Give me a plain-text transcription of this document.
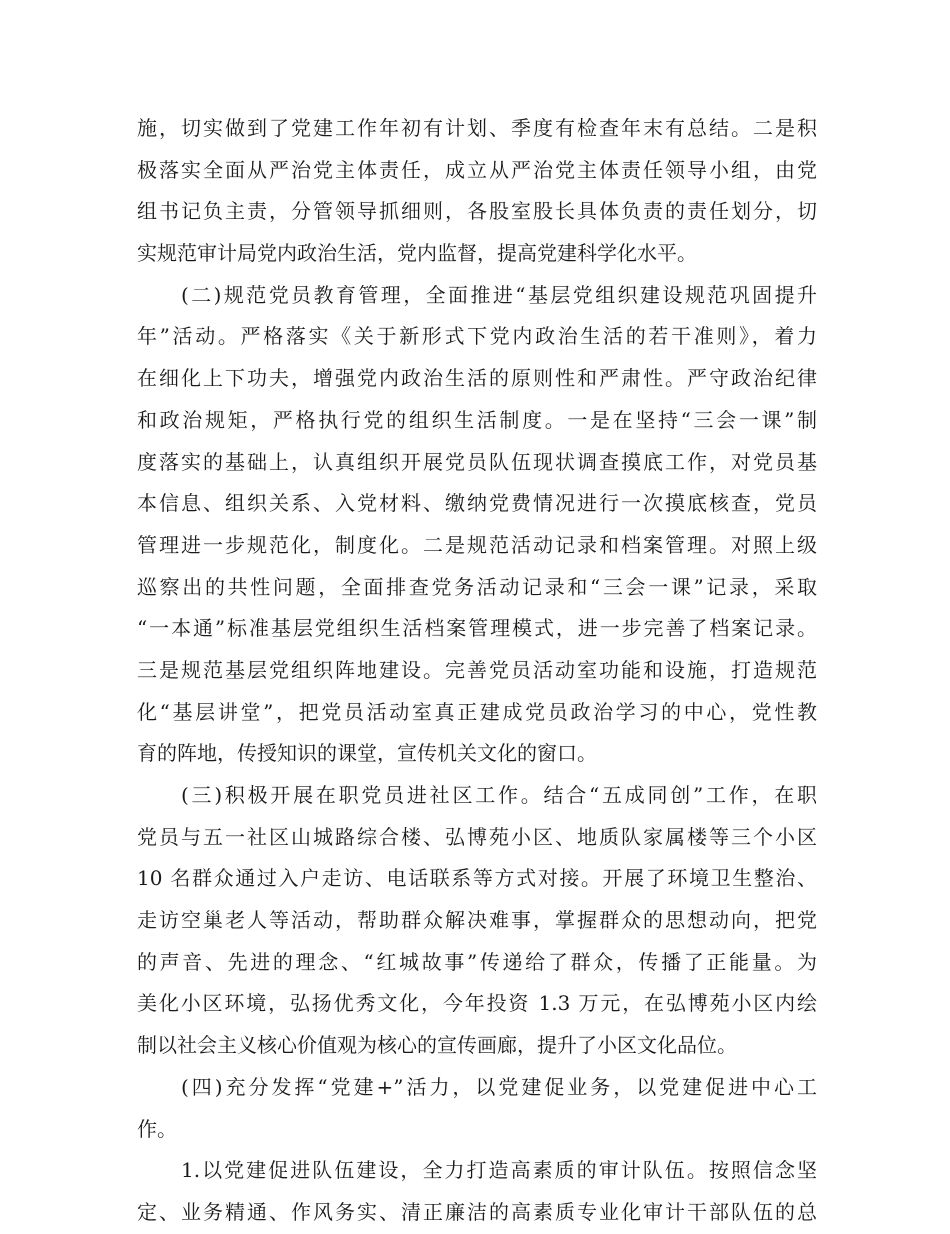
施，切实做到了党建工作年初有计划、季度有检查年末有总结。二是积
极落实全面从严治党主体责任，成立从严治党主体责任领导小组，由党
组书记负主责，分管领导抓细则，各股室股长具体负责的责任划分，切
实规范审计局党内政治生活，党内监督，提高党建科学化水平。
(二)规范党员教育管理，全面推进“基层党组织建设规范巩固提升
年”活动。严格落实《关于新形式下党内政治生活的若干准则》，着力
在细化上下功夫，增强党内政治生活的原则性和严肃性。严守政治纪律
和政治规矩，严格执行党的组织生活制度。一是在坚持“三会一课”制
度落实的基础上，认真组织开展党员队伍现状调查摸底工作，对党员基
本信息、组织关系、入党材料、缴纳党费情况进行一次摸底核查，党员
管理进一步规范化，制度化。二是规范活动记录和档案管理。对照上级
巡察出的共性问题，全面排查党务活动记录和“三会一课”记录，采取
“一本通”标准基层党组织生活档案管理模式，进一步完善了档案记录。
三是规范基层党组织阵地建设。完善党员活动室功能和设施，打造规范
化“基层讲堂”，把党员活动室真正建成党员政治学习的中心，党性教
育的阵地，传授知识的课堂，宣传机关文化的窗口。
(三)积极开展在职党员进社区工作。结合“五成同创”工作，在职
党员与五一社区山城路综合楼、弘博苑小区、地质队家属楼等三个小区
10 名群众通过入户走访、电话联系等方式对接。开展了环境卫生整治、
走访空巢老人等活动，帮助群众解决难事，掌握群众的思想动向，把党
的声音、先进的理念、“红城故事”传递给了群众，传播了正能量。为
美化小区环境，弘扬优秀文化，今年投资 1.3 万元，在弘博苑小区内绘
制以社会主义核心价值观为核心的宣传画廊，提升了小区文化品位。
(四)充分发挥“党建+”活力，以党建促业务，以党建促进中心工
作。
1.以党建促进队伍建设，全力打造高素质的审计队伍。按照信念坚
定、业务精通、作风务实、清正廉洁的高素质专业化审计干部队伍的总
